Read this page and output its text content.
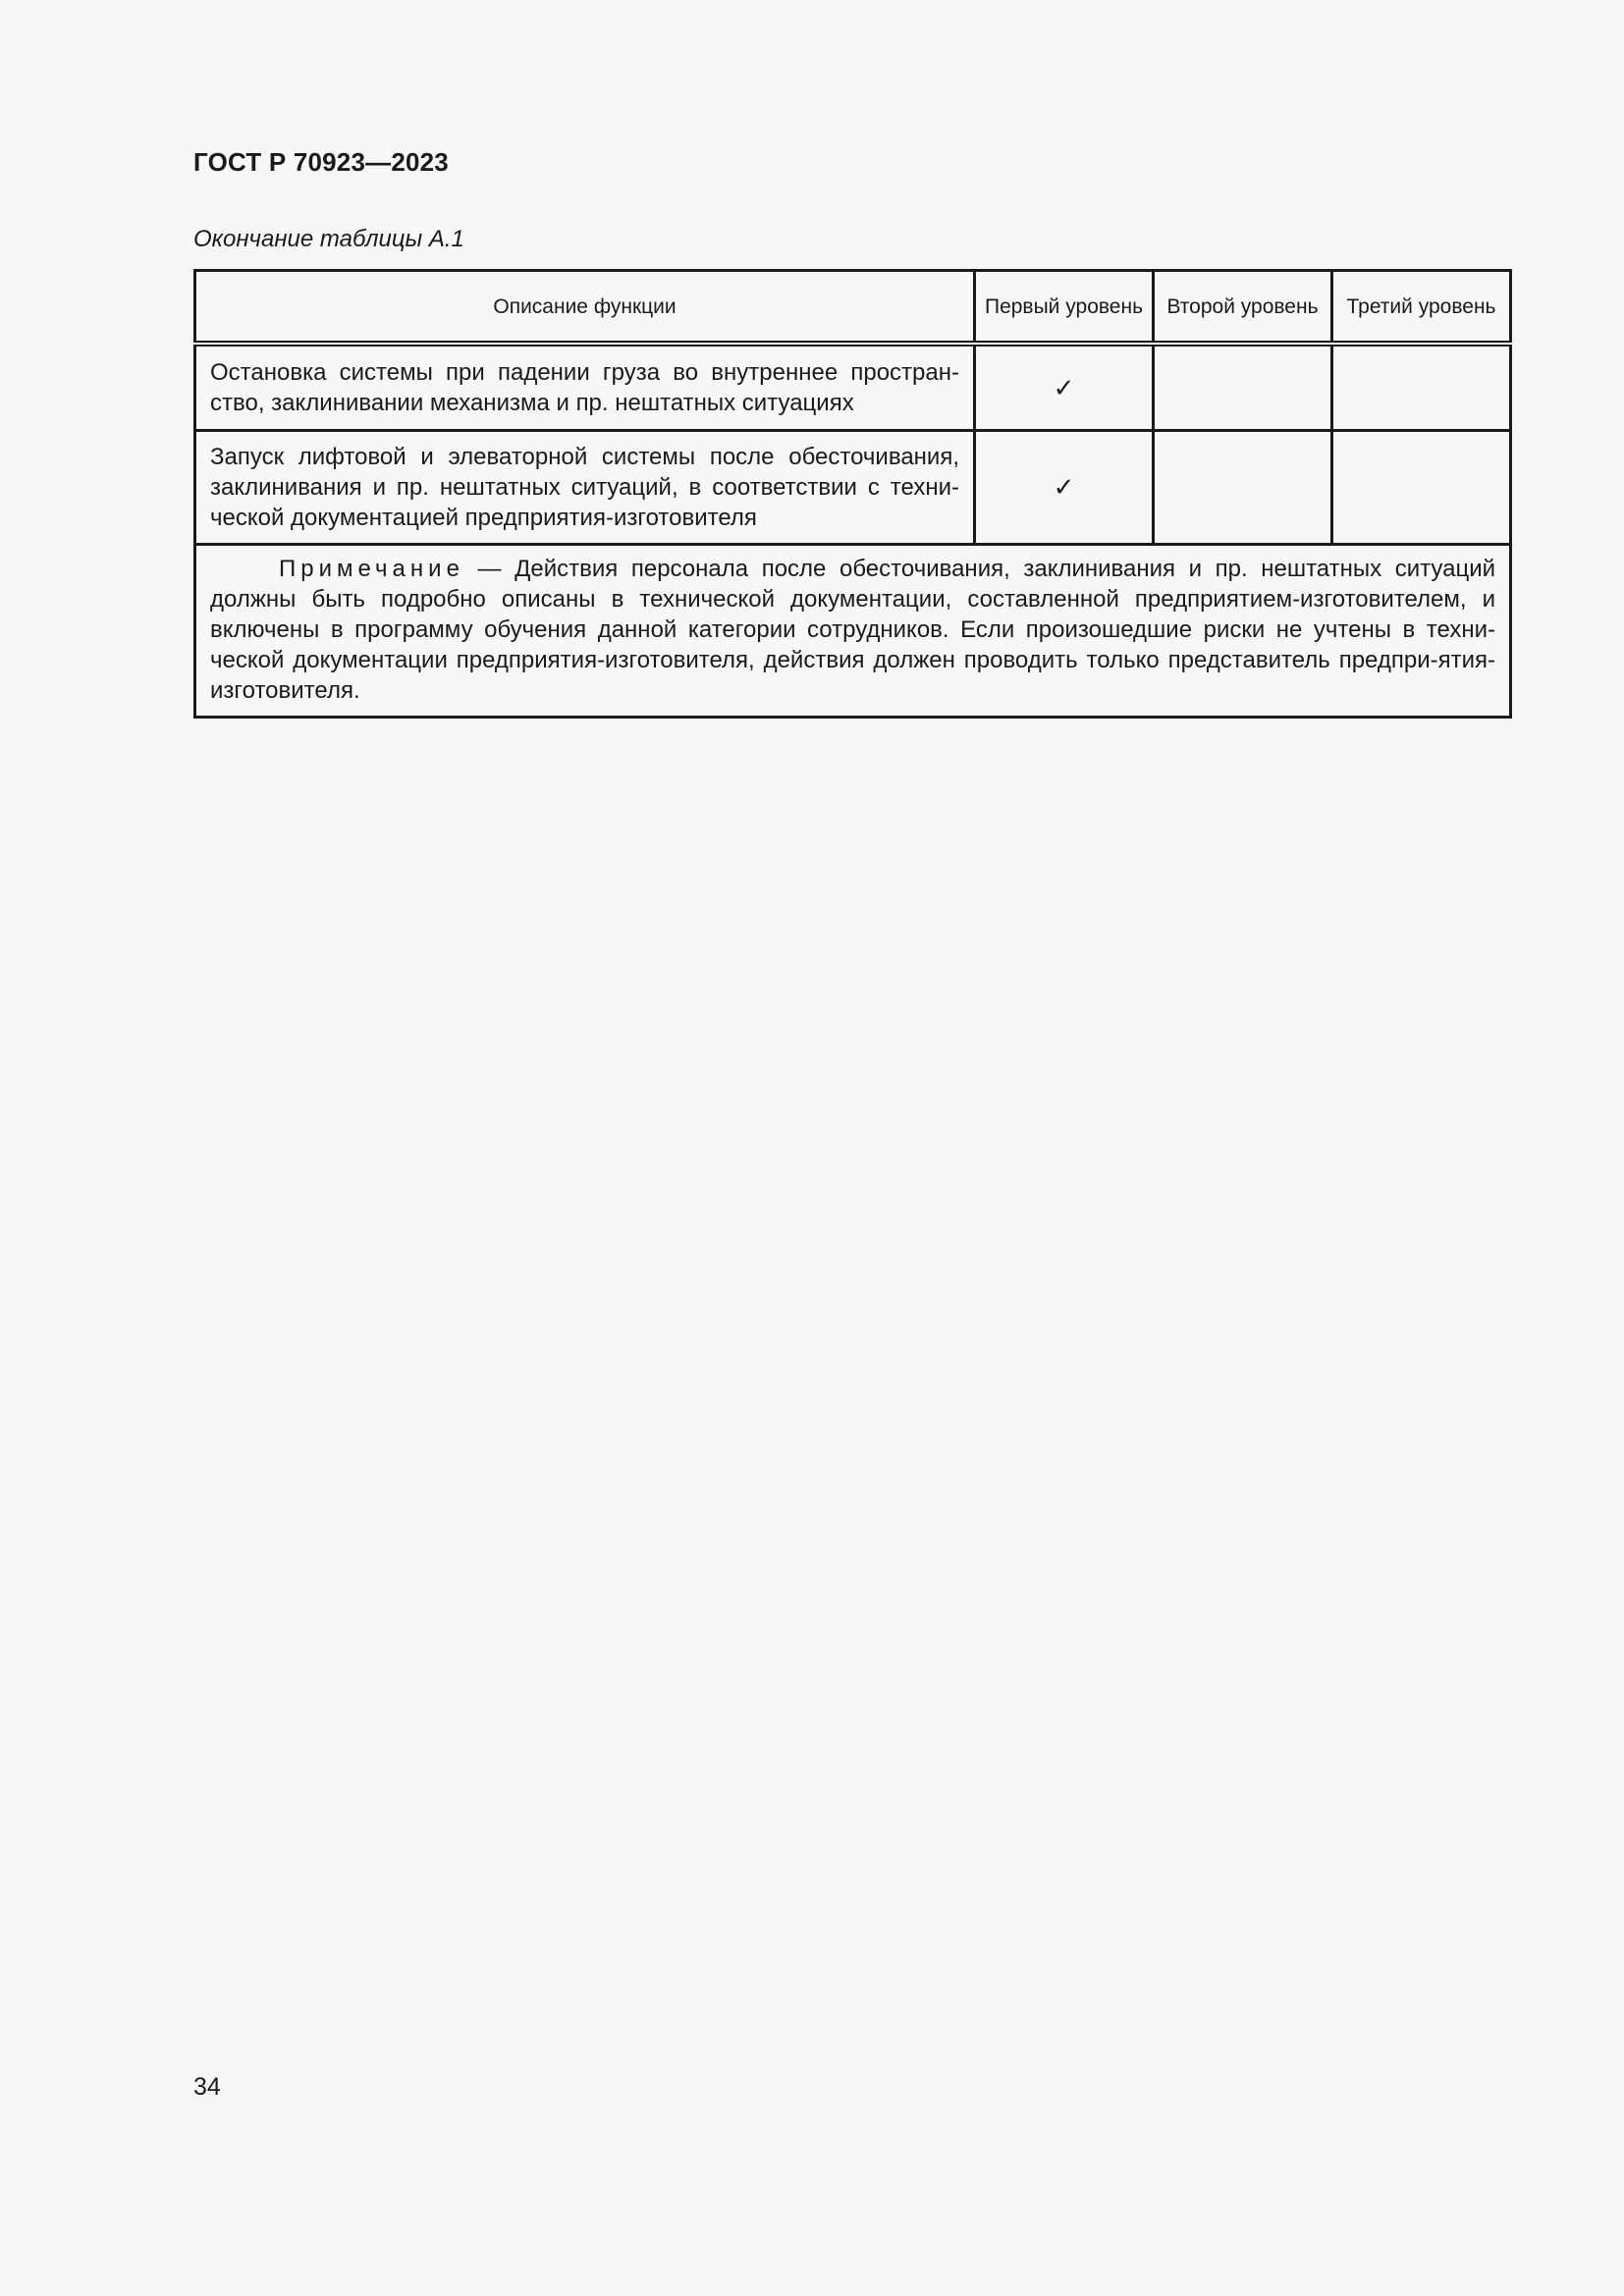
ГОСТ Р 70923—2023
Окончание таблицы А.1
Описание функции	Первый уровень	Второй уровень	Третий уровень
Остановка системы при падении груза во внутреннее простран-ство, заклинивании механизма и пр. нештатных ситуациях	✓		
Запуск лифтовой и элеваторной системы после обесточивания, заклинивания и пр. нештатных ситуаций, в соответствии с техни-ческой документацией предприятия-изготовителя	✓		
Примечание — Действия персонала после обесточивания, заклинивания и пр. нештатных ситуаций должны быть подробно описаны в технической документации, составленной предприятием-изготовителем, и включены в программу обучения данной категории сотрудников. Если произошедшие риски не учтены в техни-ческой документации предприятия-изготовителя, действия должен проводить только представитель предпри-ятия-изготовителя.			
34
